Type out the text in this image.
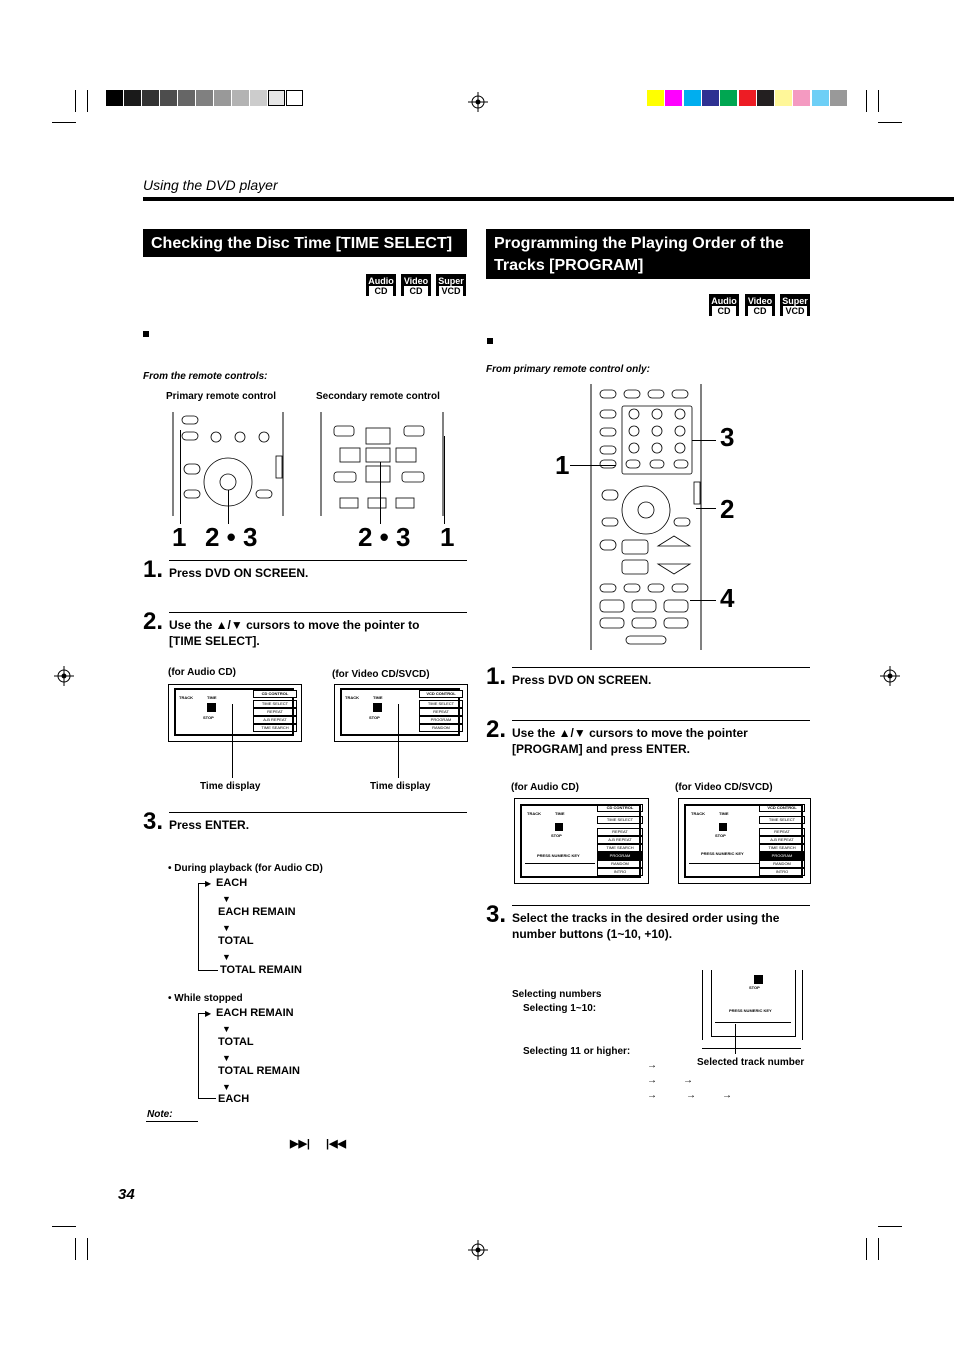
Using the DVD player
Checking the Disc Time [TIME SELECT]
Audio
CD
Video
CD
Super
VCD
From the remote controls:
Primary remote control	Secondary remote control
1 2 • 3	2 • 3 1
1. Press DVD ON SCREEN.
2. Use the ▲/▼ cursors to move the pointer to [TIME SELECT].
(for Audio CD)	(for Video CD/SVCD)
TRACK	TIME
STOP
CD CONTROL
TIME SELECT
REPEAT
A-B REPEAT
TIME SEARCH
TRACK	TIME
STOP
VCD CONTROL
TIME SELECT
REPEAT
PROGRAM
RANDOM
Time display	Time display
3. Press ENTER.
• During playback (for Audio CD)
▶ EACH
▼
EACH REMAIN
▼
TOTAL
▼
TOTAL REMAIN
• While stopped
▶ EACH REMAIN
▼
TOTAL
▼
TOTAL REMAIN
▼
EACH
Note:
▶▶| |◀◀
Programming the Playing Order of the
Tracks [PROGRAM]
Audio
CD
Video
CD
Super
VCD
From primary remote control only:
1
3
2
4
1. Press DVD ON SCREEN.
2. Use the ▲/▼ cursors to move the pointer [PROGRAM] and press ENTER.
(for Audio CD)	(for Video CD/SVCD)
TRACK	TIME
STOP
PRESS NUMERIC KEY
CD CONTROL
TIME SELECT
REPEAT
A-B REPEAT
TIME SEARCH
PROGRAM
RANDOM
INTRO
TRACK	TIME
STOP
PRESS NUMERIC KEY
VCD CONTROL
TIME SELECT
REPEAT
A-B REPEAT
TIME SEARCH
PROGRAM
RANDOM
INTRO
3. Select the tracks in the desired order using the number buttons (1~10, +10).
STOP
PRESS NUMERIC KEY
Selected track number
Selecting numbers
Selecting 1~10:
Selecting 11 or higher:
→
→	→
→	→	→
34
